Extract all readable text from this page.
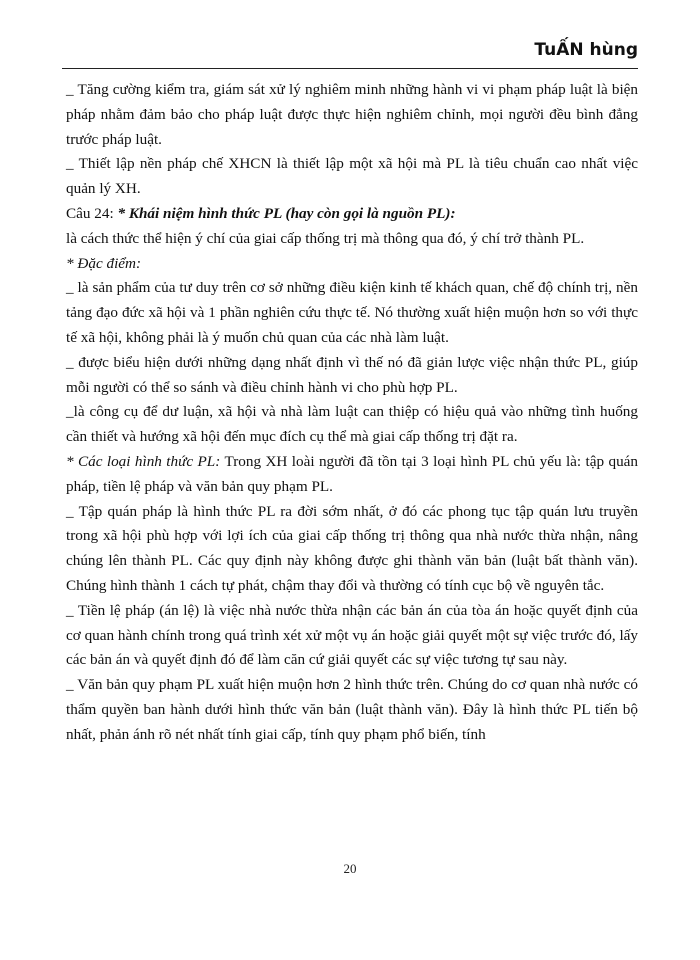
TuẤN hùng

_ Tăng cường kiểm tra, giám sát xử lý nghiêm minh những hành vi vi phạm pháp luật là biện pháp nhằm đảm bảo cho pháp luật được thực hiện nghiêm chỉnh, mọi người đều bình đẳng trước pháp luật.

_ Thiết lập nền pháp chế XHCN là thiết lập một xã hội mà PL là tiêu chuẩn cao nhất việc quản lý XH.

Câu 24: * Khái niệm hình thức PL (hay còn gọi là nguồn PL):

là cách thức thể hiện ý chí của giai cấp thống trị mà thông qua đó, ý chí trở thành PL.

* Đặc điểm:

_ là sản phẩm của tư duy trên cơ sở những điều kiện kinh tế khách quan, chế độ chính trị, nền tảng đạo đức xã hội và 1 phần nghiên cứu thực tế. Nó thường xuất hiện muộn hơn so với thực tế xã hội, không phải là ý muốn chủ quan của các nhà làm luật.

_ được biểu hiện dưới những dạng nhất định vì thế nó đã giản lược việc nhận thức PL, giúp mỗi người có thể so sánh và điều chỉnh hành vi cho phù hợp PL.

_là công cụ để dư luận, xã hội và nhà làm luật can thiệp có hiệu quả vào những tình huống cần thiết và hướng xã hội đến mục đích cụ thể mà giai cấp thống trị đặt ra.

* Các loại hình thức PL: Trong XH loài người đã tồn tại 3 loại hình PL chủ yếu là: tập quán pháp, tiền lệ pháp và văn bản quy phạm PL.

_ Tập quán pháp là hình thức PL ra đời sớm nhất, ở đó các phong tục tập quán lưu truyền trong xã hội phù hợp với lợi ích của giai cấp thống trị thông qua nhà nước thừa nhận, nâng chúng lên thành PL. Các quy định này không được ghi thành văn bản (luật bất thành văn). Chúng hình thành 1 cách tự phát, chậm thay đổi và thường có tính cục bộ về nguyên tắc.

_ Tiền lệ pháp (án lệ) là việc nhà nước thừa nhận các bản án của tòa án hoặc quyết định của cơ quan hành chính trong quá trình xét xử một vụ án hoặc giải quyết một sự việc trước đó, lấy các bản án và quyết định đó để làm căn cứ giải quyết các sự việc tương tự sau này.

_ Văn bản quy phạm PL xuất hiện muộn hơn 2 hình thức trên. Chúng do cơ quan nhà nước có thẩm quyền ban hành dưới hình thức văn bản (luật thành văn). Đây là hình thức PL tiến bộ nhất, phản ánh rõ nét nhất tính giai cấp, tính quy phạm phổ biến, tính

20
